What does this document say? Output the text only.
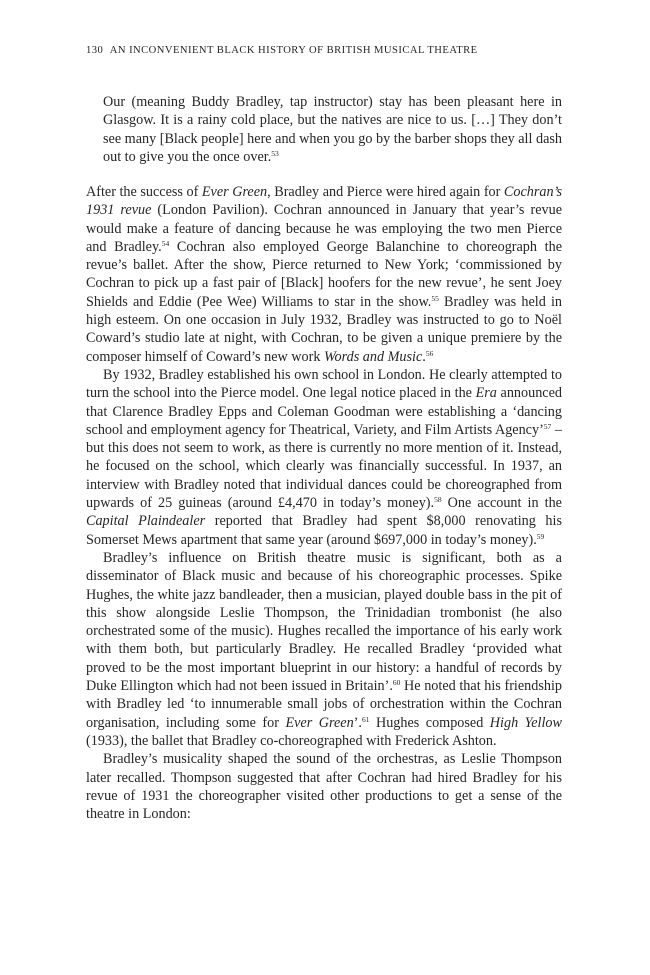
130 AN INCONVENIENT BLACK HISTORY OF BRITISH MUSICAL THEATRE

Our (meaning Buddy Bradley, tap instructor) stay has been pleasant here in Glasgow. It is a rainy cold place, but the natives are nice to us. […] They don’t see many [Black people] here and when you go by the barber shops they all dash out to give you the once over.$^{53}$

After the success of Ever Green, Bradley and Pierce were hired again for Cochran’s 1931 revue (London Pavilion). Cochran announced in January that year’s revue would make a feature of dancing because he was employing the two men Pierce and Bradley.$^{54}$ Cochran also employed George Balanchine to choreograph the revue’s ballet. After the show, Pierce returned to New York; ‘commissioned by Cochran to pick up a fast pair of [Black] hoofers for the new revue’, he sent Joey Shields and Eddie (Pee Wee) Williams to star in the show.$^{55}$ Bradley was held in high esteem. On one occasion in July 1932, Bradley was instructed to go to Noël Coward’s studio late at night, with Cochran, to be given a unique premiere by the composer himself of Coward’s new work Words and Music.$^{56}$

By 1932, Bradley established his own school in London. He clearly attempted to turn the school into the Pierce model. One legal notice placed in the Era announced that Clarence Bradley Epps and Coleman Goodman were establishing a ‘dancing school and employment agency for Theatrical, Variety, and Film Artists Agency’$^{57}$ – but this does not seem to work, as there is currently no more mention of it. Instead, he focused on the school, which clearly was financially successful. In 1937, an interview with Bradley noted that individual dances could be choreographed from upwards of 25 guineas (around £4,470 in today’s money).$^{58}$ One account in the Capital Plaindealer reported that Bradley had spent $8,000 renovating his Somerset Mews apartment that same year (around $697,000 in today’s money).$^{59}$

Bradley’s influence on British theatre music is significant, both as a disseminator of Black music and because of his choreographic processes. Spike Hughes, the white jazz bandleader, then a musician, played double bass in the pit of this show alongside Leslie Thompson, the Trinidadian trombonist (he also orchestrated some of the music). Hughes recalled the importance of his early work with them both, but particularly Bradley. He recalled Bradley ‘provided what proved to be the most important blueprint in our history: a handful of records by Duke Ellington which had not been issued in Britain’.$^{60}$ He noted that his friendship with Bradley led ‘to innumerable small jobs of orchestration within the Cochran organisation, including some for Ever Green’.$^{61}$ Hughes composed High Yellow (1933), the ballet that Bradley co-choreographed with Frederick Ashton.

Bradley’s musicality shaped the sound of the orchestras, as Leslie Thompson later recalled. Thompson suggested that after Cochran had hired Bradley for his revue of 1931 the choreographer visited other productions to get a sense of the theatre in London:
